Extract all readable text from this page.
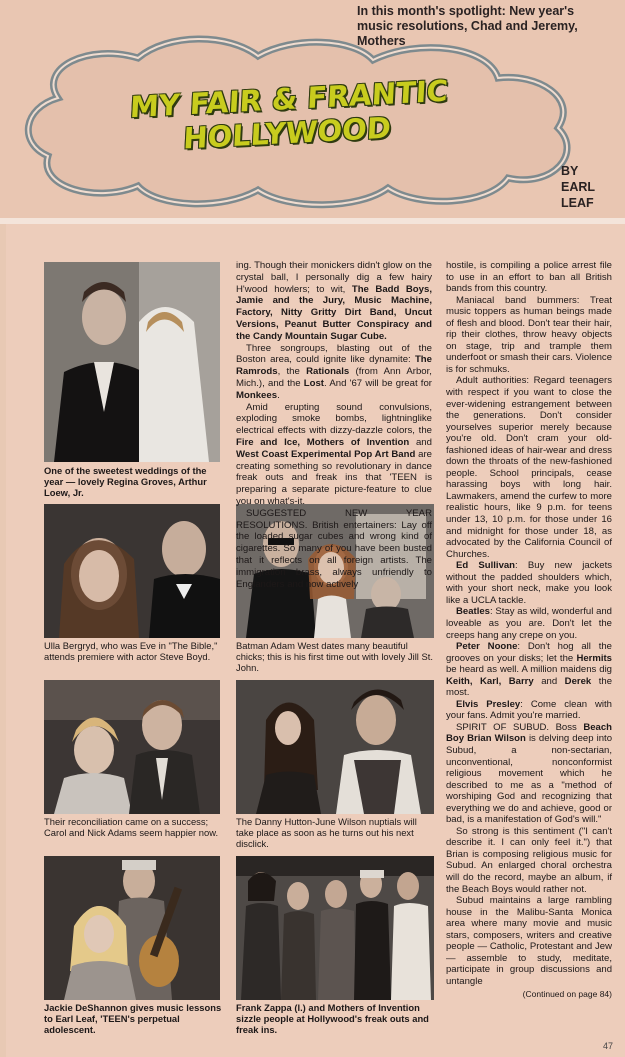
In this month's spotlight: New year's music resolutions, Chad and Jeremy, Mothers
MY FAIR & FRANTIC HOLLYWOOD
BY
EARL
LEAF
One of the sweetest weddings of the year — lovely Regina Groves, Arthur Loew, Jr.
Ulla Bergryd, who was Eve in "The Bible," attends premiere with actor Steve Boyd.
Batman Adam West dates many beautiful chicks; this is his first time out with lovely Jill St. John.
Their reconciliation came on a success; Carol and Nick Adams seem happier now.
The Danny Hutton-June Wilson nuptials will take place as soon as he turns out his next disclick.
Jackie DeShannon gives music lessons to Earl Leaf, 'TEEN's perpetual adolescent.
Frank Zappa (l.) and Mothers of Invention sizzle people at Hollywood's freak outs and freak ins.

ing. Though their monickers didn't glow on the crystal ball, I personally dig a few hairy H'wood howlers; to wit, The Badd Boys, Jamie and the Jury, Music Machine, Factory, Nitty Gritty Dirt Band, Uncut Versions, Peanut Butter Conspiracy and the Candy Mountain Sugar Cube.

Three songroups, blasting out of the Boston area, could ignite like dynamite: The Ramrods, the Rationals (from Ann Arbor, Mich.), and the Lost. And '67 will be great for Monkees.

Amid erupting sound convulsions, exploding smoke bombs, lightninglike electrical effects with dizzy-dazzle colors, the Fire and Ice, Mothers of Invention and West Coast Experimental Pop Art Band are creating something so revolutionary in dance freak outs and freak ins that 'TEEN is preparing a separate picture-feature to clue you on what's-it.

SUGGESTED NEW YEAR RESOLUTIONS. British entertainers: Lay off the loaded sugar cubes and wrong kind of cigarettes. So many of you have been busted that it reflects on all foreign artists. The immigration brass, always unfriendly to Englanders and now actively

hostile, is compiling a police arrest file to use in an effort to ban all British bands from this country.

Maniacal band bummers: Treat music toppers as human beings made of flesh and blood. Don't tear their hair, rip their clothes, throw heavy objects on stage, trip and trample them underfoot or smash their cars. Violence is for schmuks.

Adult authorities: Regard teenagers with respect if you want to close the ever-widening estrangement between the generations. Don't consider yourselves superior merely because you're old. Don't cram your old-fashioned ideas of hair-wear and dress down the throats of the new-fashioned people. School principals, cease harassing boys with long hair. Lawmakers, amend the curfew to more realistic hours, like 9 p.m. for teens under 13, 10 p.m. for those under 16 and midnight for those under 18, as advocated by the California Council of Churches.

Ed Sullivan: Buy new jackets without the padded shoulders which, with your short neck, make you look like a UCLA tackle.

Beatles: Stay as wild, wonderful and loveable as you are. Don't let the creeps hang any crepe on you.

Peter Noone: Don't hog all the grooves on your disks; let the Hermits be heard as well. A million maidens dig Keith, Karl, Barry and Derek the most.

Elvis Presley: Come clean with your fans. Admit you're married.

SPIRIT OF SUBUD. Boss Beach Boy Brian Wilson is delving deep into Subud, a non-sectarian, unconventional, nonconformist religious movement which he described to me as a "method of worshiping God and recognizing that everything we do and achieve, good or bad, is a manifestation of God's will."

So strong is this sentiment ("I can't describe it. I can only feel it.") that Brian is composing religious music for Subud. An enlarged choral orchestra will do the record, maybe an album, if the Beach Boys would rather not.

Subud maintains a large rambling house in the Malibu-Santa Monica area where many movie and music stars, composers, writers and creative people — Catholic, Protestant and Jew — assemble to study, meditate, participate in group discussions and untangle

(Continued on page 84)
47
